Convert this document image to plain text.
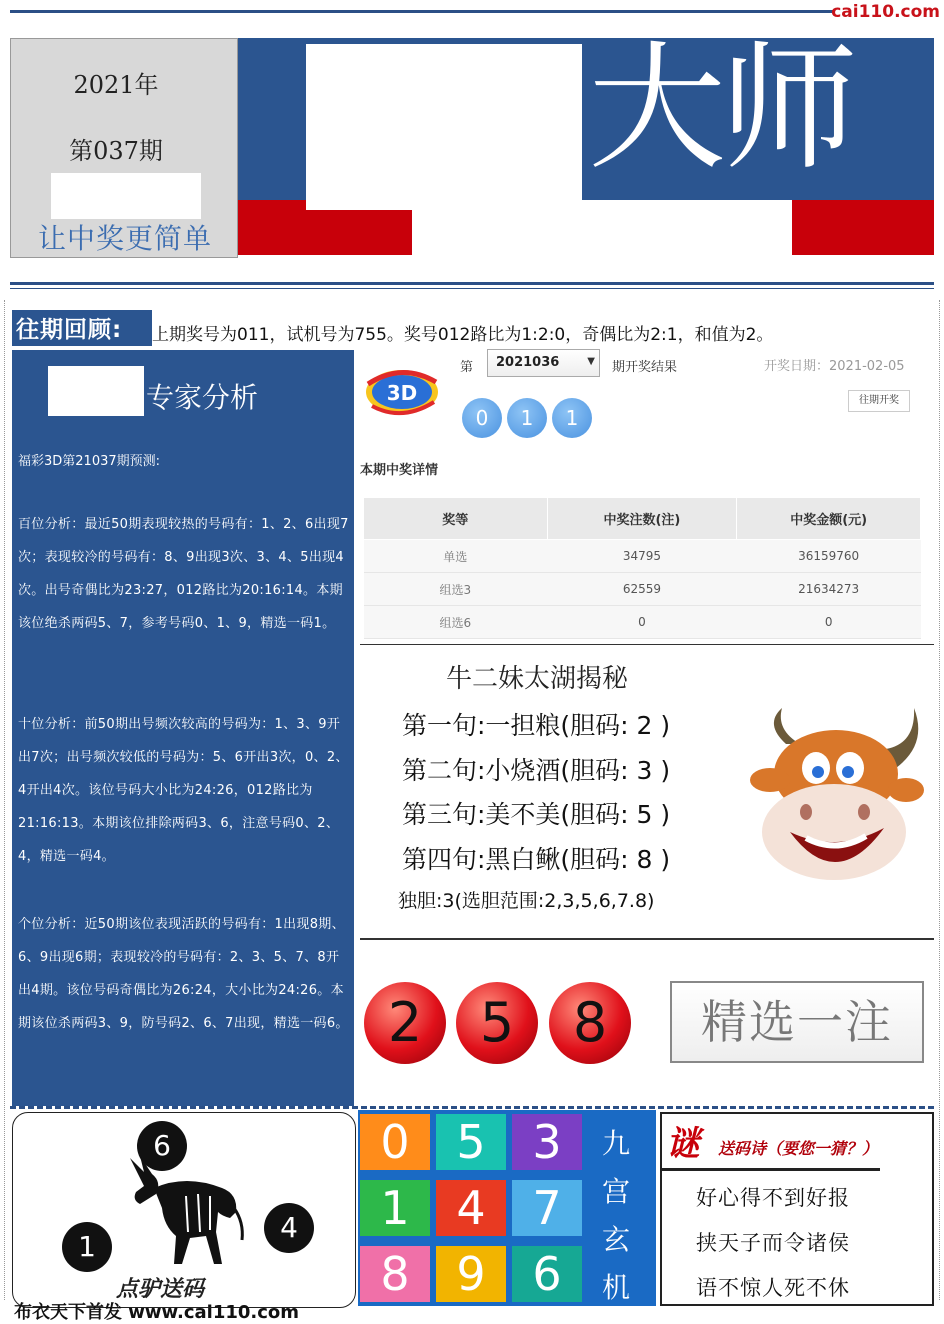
cai110.com
2021年
第037期
让中奖更简单
大师
往期回顾:	上期奖号为011，试机号为755。奖号012路比为1:2:0，奇偶比为2:1，和值为2。
专家分析
福彩3D第21037期预测:
百位分析：最近50期表现较热的号码有：1、2、6出现7次；表现较冷的号码有：8、9出现3次、3、4、5出现4次。出号奇偶比为23:27，012路比为20:16:14。本期该位绝杀两码5、7，参考号码0、1、9，精选一码1。
十位分析：前50期出号频次较高的号码为：1、3、9开出7次；出号频次较低的号码为：5、6开出3次，0、2、4开出4次。该位号码大小比为24:26，012路比为21:16:13。本期该位排除两码3、6，注意号码0、2、4，精选一码4。
个位分析：近50期该位表现活跃的号码有：1出现8期、6、9出现6期；表现较冷的号码有：2、3、5、7、8开出4期。该位号码奇偶比为26:24，大小比为24:26。本期该位杀两码3、9，防号码2、6、7出现，精选一码6。
3D
第	2021036	▼ 期开奖结果	开奖日期：2021-02-05
往期开奖
0	1	1
本期中奖详情
奖等	中奖注数(注)	中奖金额(元)
单选	34795	36159760
组选3	62559	21634273
组选6	0	0
牛二妹太湖揭秘
第一句:一担粮(胆码: 2 )
第二句:小烧酒(胆码: 3 )
第三句:美不美(胆码: 5 )
第四句:黑白鳅(胆码: 8 )
独胆:3(选胆范围:2,3,5,6,7.8)
2	5	8	精选一注
6
1
4
点驴送码
0	5	3
1	4	7
8	9	6
九
宫
玄
机
谜 送码诗（要您一猜？）
好心得不到好报
挟天子而令诸侯
语不惊人死不休
布衣天下首发 www.cai110.com
